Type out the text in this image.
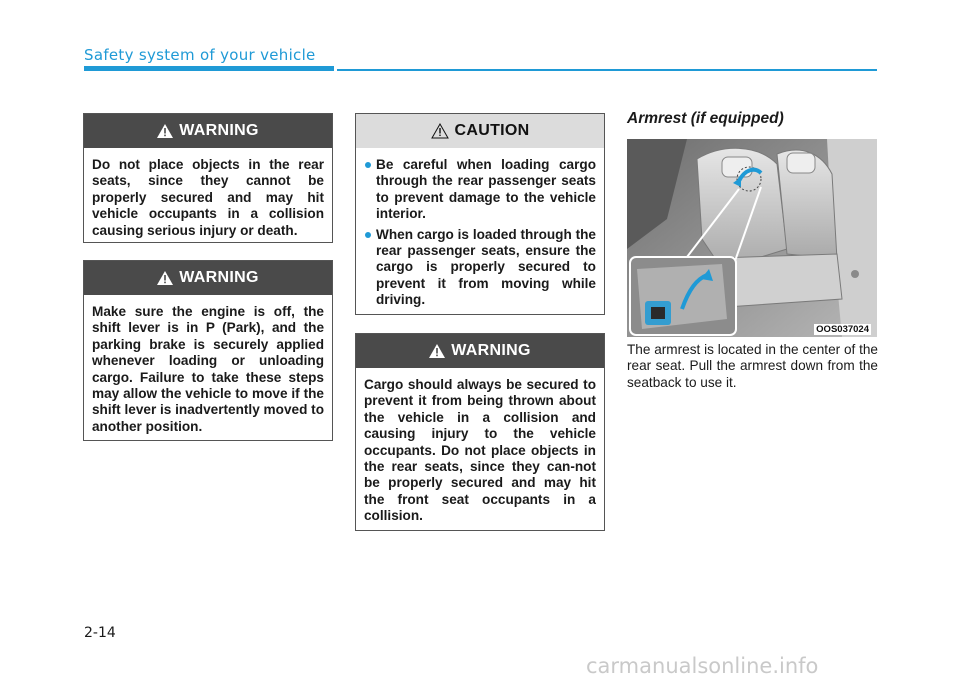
Safety system of your vehicle
WARNING
Do not place objects in the rear seats, since they cannot be properly secured and may hit vehicle occupants in a collision causing serious injury or death.
WARNING
Make sure the engine is off, the shift lever is in P (Park), and the parking brake is securely applied whenever loading or unloading cargo. Failure to take these steps may allow the vehicle to move if the shift lever is inadvertently moved to another position.
CAUTION
Be careful when loading cargo through the rear passenger seats to prevent damage to the vehicle interior.
When cargo is loaded through the rear passenger seats, ensure the cargo is properly secured to prevent it from moving while driving.
WARNING
Cargo should always be secured to prevent it from being thrown about the vehicle in a collision and causing injury to the vehicle occupants. Do not place objects in the rear seats, since they can-not be properly secured and may hit the front seat occupants in a collision.
Armrest (if equipped)
OOS037024
The armrest is located in the center of the rear seat. Pull the armrest down from the seatback to use it.
2-14
carmanualsonline.info
